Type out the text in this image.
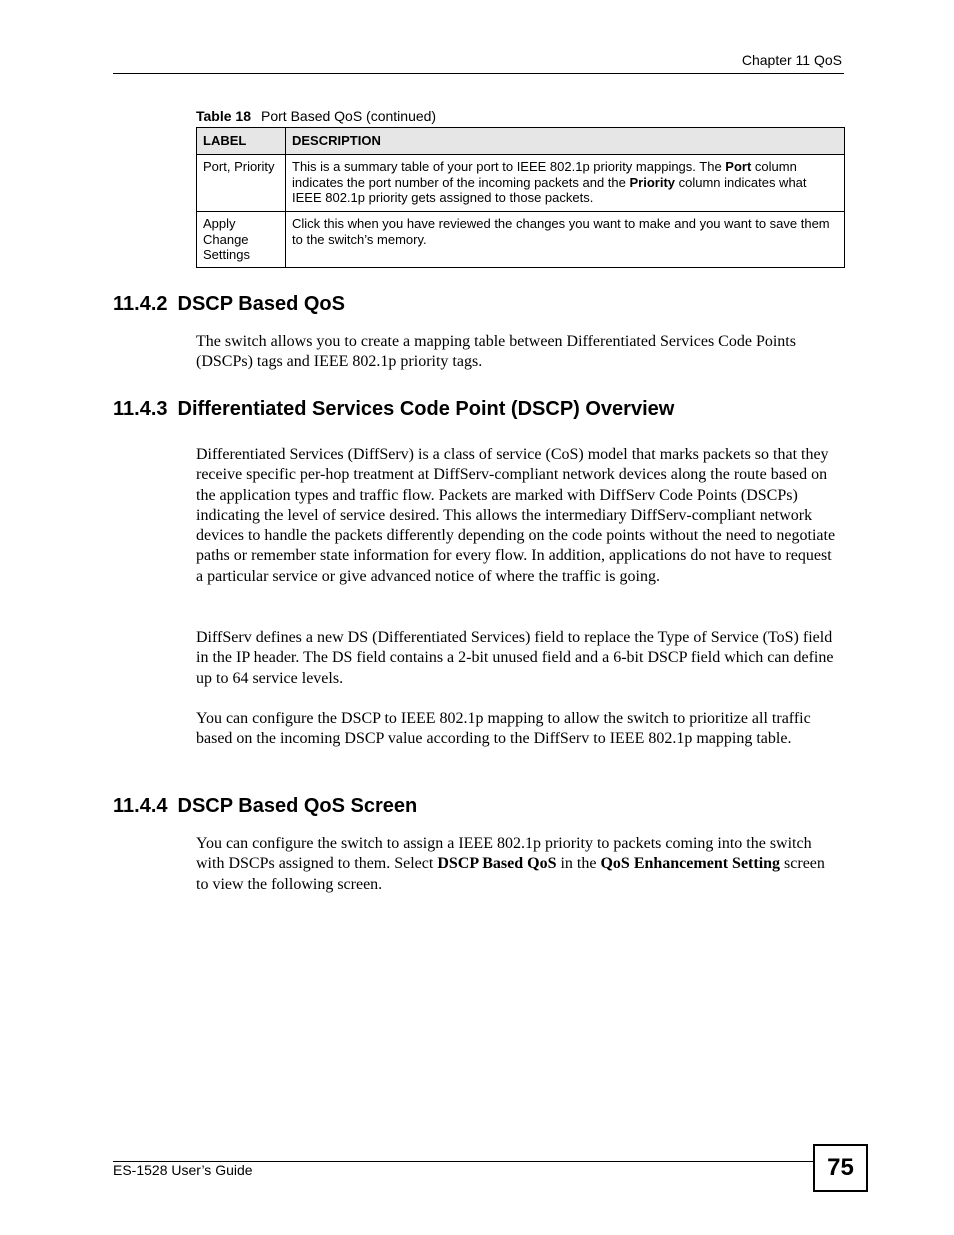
Chapter 11 QoS
Table 18 Port Based QoS (continued)
LABEL	DESCRIPTION
Port, Priority	This is a summary table of your port to IEEE 802.1p priority mappings. The Port column indicates the port number of the incoming packets and the Priority column indicates what IEEE 802.1p priority gets assigned to those packets.
Apply Change Settings	Click this when you have reviewed the changes you want to make and you want to save them to the switch’s memory.
11.4.2 DSCP Based QoS

The switch allows you to create a mapping table between Differentiated Services Code Points (DSCPs) tags and IEEE 802.1p priority tags.

11.4.3 Differentiated Services Code Point (DSCP) Overview

Differentiated Services (DiffServ) is a class of service (CoS) model that marks packets so that they receive specific per-hop treatment at DiffServ-compliant network devices along the route based on the application types and traffic flow. Packets are marked with DiffServ Code Points (DSCPs) indicating the level of service desired. This allows the intermediary DiffServ-compliant network devices to handle the packets differently depending on the code points without the need to negotiate paths or remember state information for every flow. In addition, applications do not have to request a particular service or give advanced notice of where the traffic is going.

DiffServ defines a new DS (Differentiated Services) field to replace the Type of Service (ToS) field in the IP header. The DS field contains a 2-bit unused field and a 6-bit DSCP field which can define up to 64 service levels.

You can configure the DSCP to IEEE 802.1p mapping to allow the switch to prioritize all traffic based on the incoming DSCP value according to the DiffServ to IEEE 802.1p mapping table.

11.4.4 DSCP Based QoS Screen

You can configure the switch to assign a IEEE 802.1p priority to packets coming into the switch with DSCPs assigned to them. Select DSCP Based QoS in the QoS Enhancement Setting screen to view the following screen.

ES-1528 User’s Guide	75
